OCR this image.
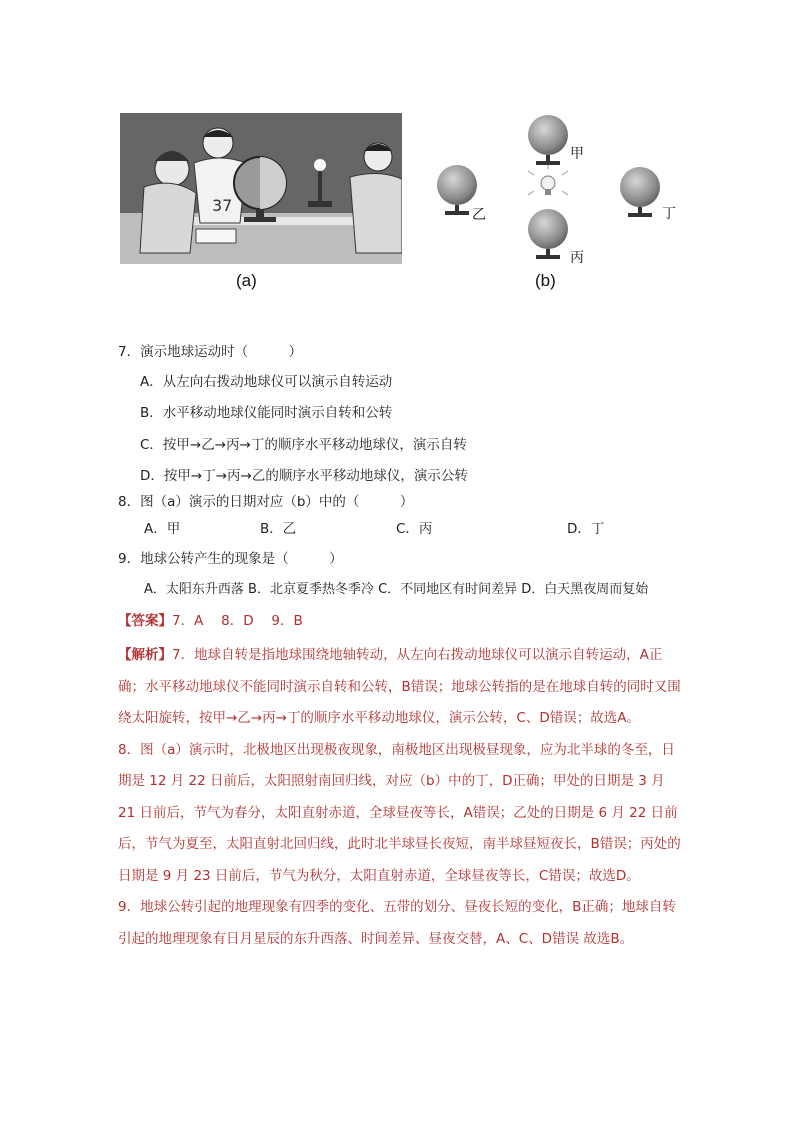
37
(a)
甲
乙
丙
丁
(b)
7．演示地球运动时（　　　）
A．从左向右拨动地球仪可以演示自转运动
B．水平移动地球仪能同时演示自转和公转
C．按甲→乙→丙→丁的顺序水平移动地球仪，演示自转
D．按甲→丁→丙→乙的顺序水平移动地球仪，演示公转
8．图（a）演示的日期对应（b）中的（　　　）
A．甲	B．乙	C．丙	D．丁
9．地球公转产生的现象是（　　　）
A．太阳东升西落 B．北京夏季热冬季冷 C．不同地区有时间差异 D．白天黑夜周而复始
【答案】7．A　 8．D　 9．B

【解析】7．地球自转是指地球围绕地轴转动，从左向右拨动地球仪可以演示自转运动，A正确；水平移动地球仪不能同时演示自转和公转，B错误；地球公转指的是在地球自转的同时又围绕太阳旋转，按甲→乙→丙→丁的顺序水平移动地球仪，演示公转，C、D错误；故选A。

8．图（a）演示时，北极地区出现极夜现象，南极地区出现极昼现象，应为北半球的冬至，日期是 12 月 22 日前后，太阳照射南回归线，对应（b）中的丁，D正确；甲处的日期是 3 月 21 日前后，节气为春分，太阳直射赤道，全球昼夜等长，A错误；乙处的日期是 6 月 22 日前后，节气为夏至，太阳直射北回归线，此时北半球昼长夜短，南半球昼短夜长，B错误；丙处的日期是 9 月 23 日前后，节气为秋分，太阳直射赤道，全球昼夜等长，C错误；故选D。

9．地球公转引起的地理现象有四季的变化、五带的划分、昼夜长短的变化，B正确；地球自转引起的地理现象有日月星辰的东升西落、时间差异、昼夜交替，A、C、D错误 故选B。
